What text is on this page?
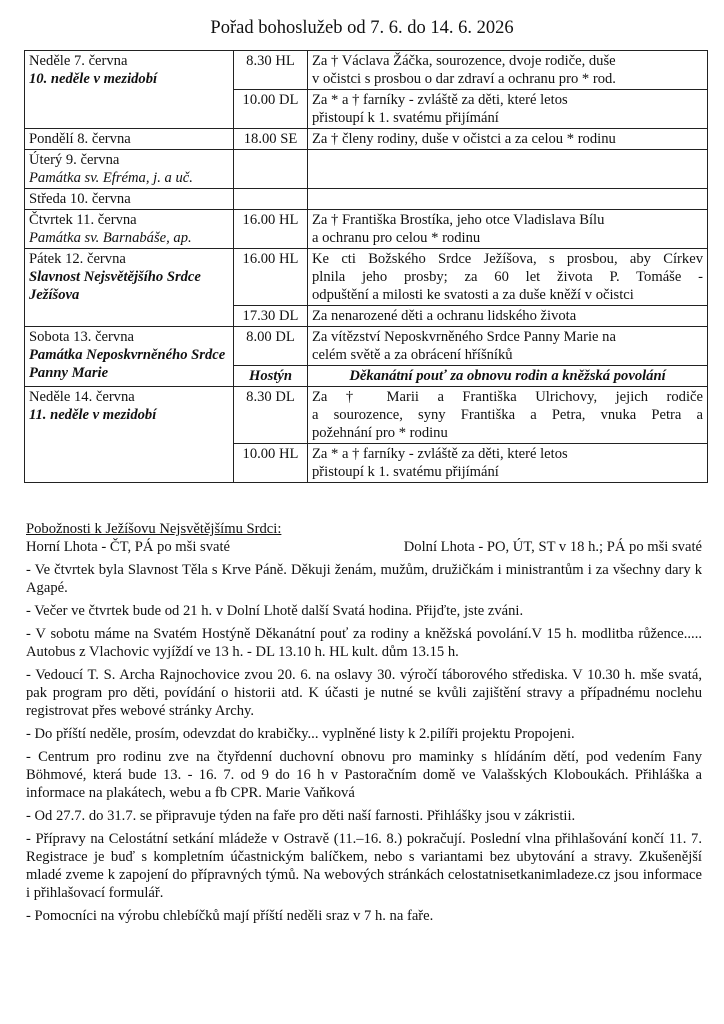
Pořad bohoslužeb od 7. 6. do 14. 6. 2026
Neděle 7. června
10. neděle v mezidobí	8.30 HL	Za † Václava Žáčka, sourozence, dvoje rodiče, duše
v očistci s prosbou o dar zdraví a ochranu pro * rod.

	10.00 DL	Za * a † farníky - zvláště za děti, které letos
přistoupí k 1. svatému přijímání

Pondělí 8. června	18.00 SE	Za † členy rodiny, duše v očistci a za celou * rodinu

Úterý 9. června
Památka sv. Efréma, j. a uč.		

Středa 10. června		

Čtvrtek 11. června
Památka sv. Barnabáše, ap.	16.00 HL	Za † Františka Brostíka, jeho otce Vladislava Bílu
a ochranu pro celou * rodinu

Pátek 12. června
Slavnost Nejsvětějšího Srdce Ježíšova	16.00 HL	Ke cti Božského Srdce Ježíšova, s prosbou, aby Církev
plnila jeho prosby; za 60 let života P. Tomáše -
odpuštění a milosti ke svatosti a za duše kněží v očistci

	17.30 DL	Za nenarozené děti a ochranu lidského života

Sobota 13. června
Památka Neposkvrněného Srdce Panny Marie	8.00 DL	Za vítězství Neposkvrněného Srdce Panny Marie na
celém světě a za obrácení hříšníků

	Hostýn	Děkanátní pouť za obnovu rodin a kněžská povolání

Neděle 14. června
11. neděle v mezidobí	8.30 DL	Za † Marii a Františka Ulrichovy, jejich rodiče
a sourozence, syny Františka a Petra, vnuka Petra a
požehnání pro * rodinu

	10.00 HL	Za * a † farníky - zvláště za děti, které letos
přistoupí k 1. svatému přijímání
Pobožnosti k Ježíšovu Nejsvětějšímu Srdci:
Horní Lhota - ČT, PÁ po mši svaté	Dolní Lhota - PO, ÚT, ST v 18 h.; PÁ po mši svaté

- Ve čtvrtek byla Slavnost Těla s Krve Páně. Děkuji ženám, mužům, družičkám i ministrantům i za všechny dary k Agapé.

- Večer ve čtvrtek bude od 21 h. v Dolní Lhotě další Svatá hodina. Přijďte, jste zváni.

- V sobotu máme na Svatém Hostýně Děkanátní pouť za rodiny a kněžská povolání.V 15 h. modlitba růžence..... Autobus z Vlachovic vyjíždí ve 13 h. - DL 13.10 h. HL kult. dům 13.15 h.

- Vedoucí T. S. Archa Rajnochovice zvou 20. 6. na oslavy 30. výročí táborového střediska. V 10.30 h. mše svatá, pak program pro děti, povídání o historii atd. K účasti je nutné se kvůli zajištění stravy a případnému noclehu registrovat přes webové stránky Archy.

- Do příští neděle, prosím, odevzdat do krabičky... vyplněné listy k 2.pilíři projektu Propojeni.

- Centrum pro rodinu zve na čtyřdenní duchovní obnovu pro maminky s hlídáním dětí, pod vedením Fany Böhmové, která bude 13. - 16. 7. od 9 do 16 h v Pastoračním domě ve Valašských Kloboukách. Přihláška a informace na plakátech, webu a fb CPR. Marie Vaňková

- Od 27.7. do 31.7. se připravuje týden na faře pro děti naší farnosti. Přihlášky jsou v zákristii.

- Přípravy na Celostátní setkání mládeže v Ostravě (11.–16. 8.) pokračují. Poslední vlna přihlašování končí 11. 7. Registrace je buď s kompletním účastnickým balíčkem, nebo s variantami bez ubytování a stravy. Zkušenější mladé zveme k zapojení do přípravných týmů. Na webových stránkách celostatnisetkanimladeze.cz jsou informace i přihlašovací formulář.

- Pomocníci na výrobu chlebíčků mají příští neděli sraz v 7 h. na faře.
